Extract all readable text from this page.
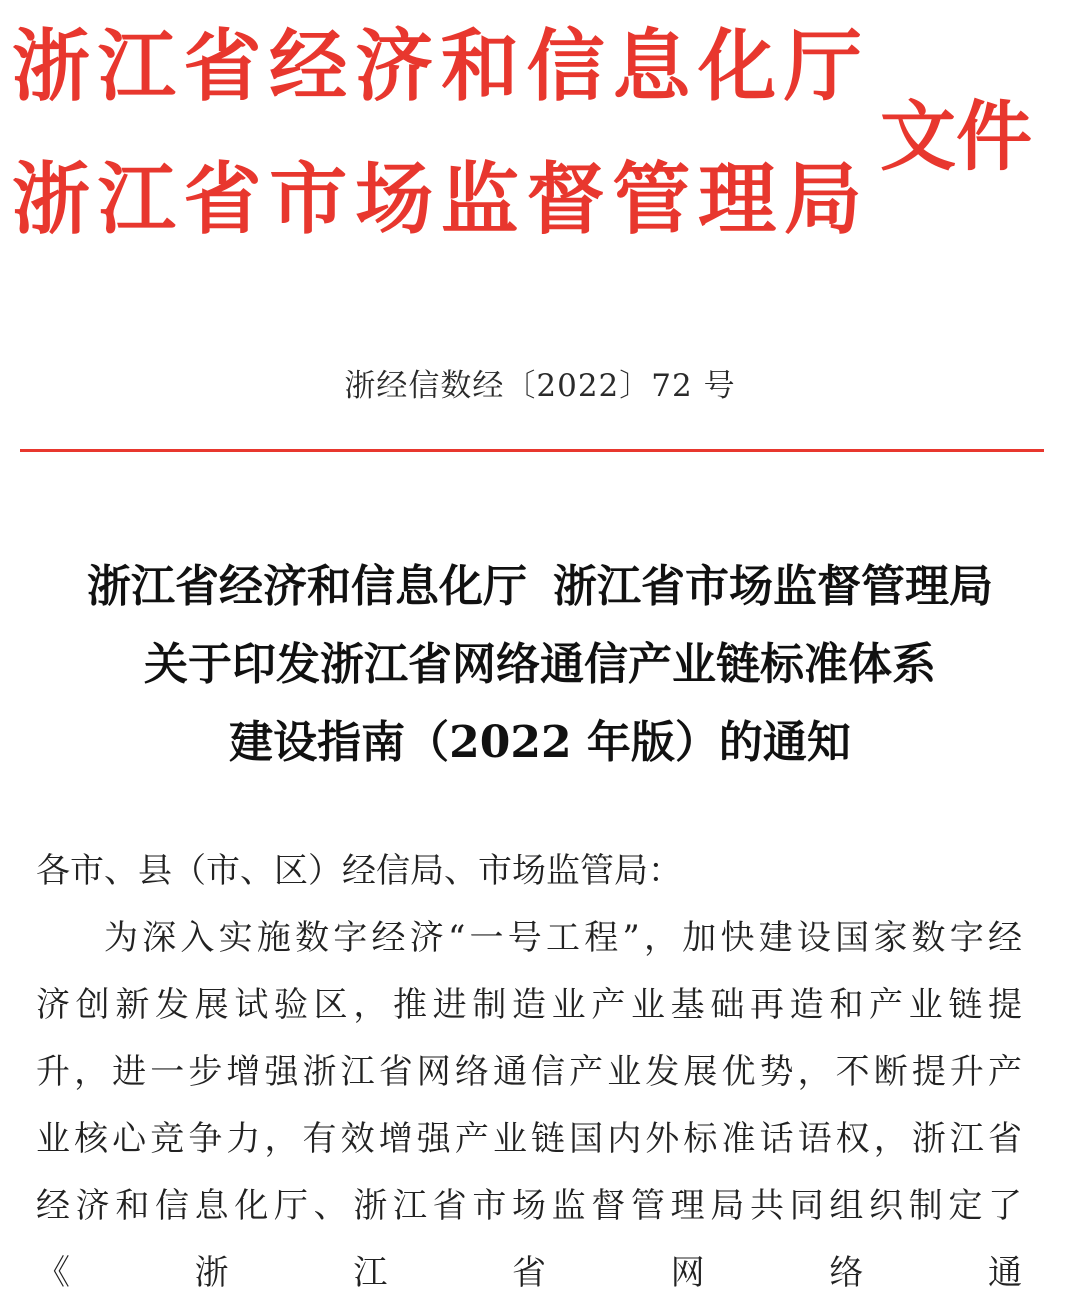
浙 江 省 经 济 和 信 息 化 厅
浙 江 省 市 场 监 督 管 理 局
文件
浙经信数经〔2022〕72 号
浙江省经济和信息化厅 浙江省市场监督管理局
关于印发浙江省网络通信产业链标准体系
建设指南（2022 年版）的通知

各市、县（市、区）经信局、市场监管局：

为深入实施数字经济“一号工程”，加快建设国家数字经济创新发展试验区，推进制造业产业基础再造和产业链提升，进一步增强浙江省网络通信产业发展优势，不断提升产业核心竞争力，有效增强产业链国内外标准话语权，浙江省经济和信息化厅、浙江省市场监督管理局共同组织制定了《浙江省网络通
